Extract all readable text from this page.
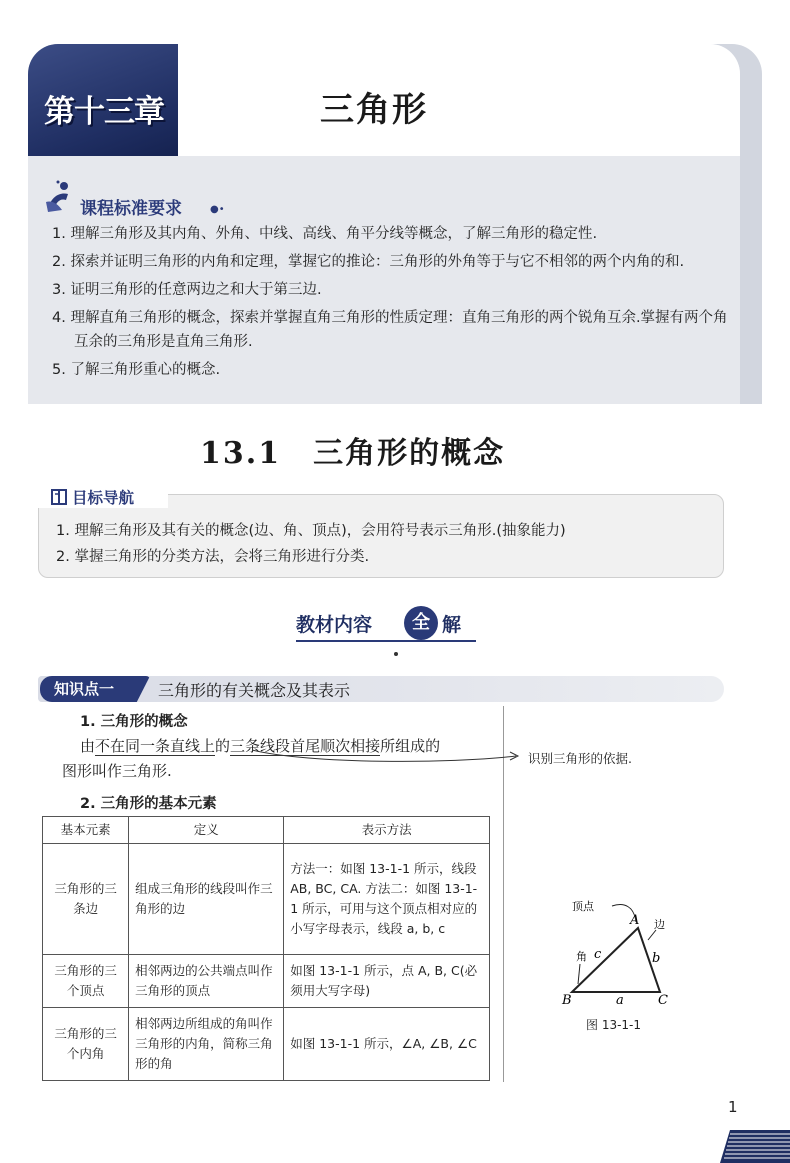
第十三章	三角形
课程标准要求	●•
1. 理解三角形及其内角、外角、中线、高线、角平分线等概念，了解三角形的稳定性.
2. 探索并证明三角形的内角和定理，掌握它的推论：三角形的外角等于与它不相邻的两个内角的和.
3. 证明三角形的任意两边之和大于第三边.
4. 理解直角三角形的概念，探索并掌握直角三角形的性质定理：直角三角形的两个锐角互余.掌握有两个角互余的三角形是直角三角形.
5. 了解三角形重心的概念.
13.1　三角形的概念
目标导航
1. 理解三角形及其有关的概念(边、角、顶点)，会用符号表示三角形.(抽象能力)
2. 掌握三角形的分类方法，会将三角形进行分类.
教材内容	全 解
知识点一	三角形的有关概念及其表示
1. 三角形的概念
由不在同一条直线上的三条线段首尾顺次相接所组成的
图形叫作三角形.
识别三角形的依据.
2. 三角形的基本元素
基本元素	定义	表示方法
三角形的三条边	组成三角形的线段叫作三角形的边	方法一：如图 13-1-1 所示，线段 AB, BC, CA. 方法二：如图 13-1-1 所示，可用与这个顶点相对应的小写字母表示，线段 a, b, c
三角形的三个顶点	相邻两边的公共端点叫作三角形的顶点	如图 13-1-1 所示，点 A, B, C(必须用大写字母)
三角形的三个内角	相邻两边所组成的角叫作三角形的内角，简称三角形的角	如图 13-1-1 所示，∠A, ∠B, ∠C
A
B	C
a
b
c
顶点
边
角
图 13-1-1
1
